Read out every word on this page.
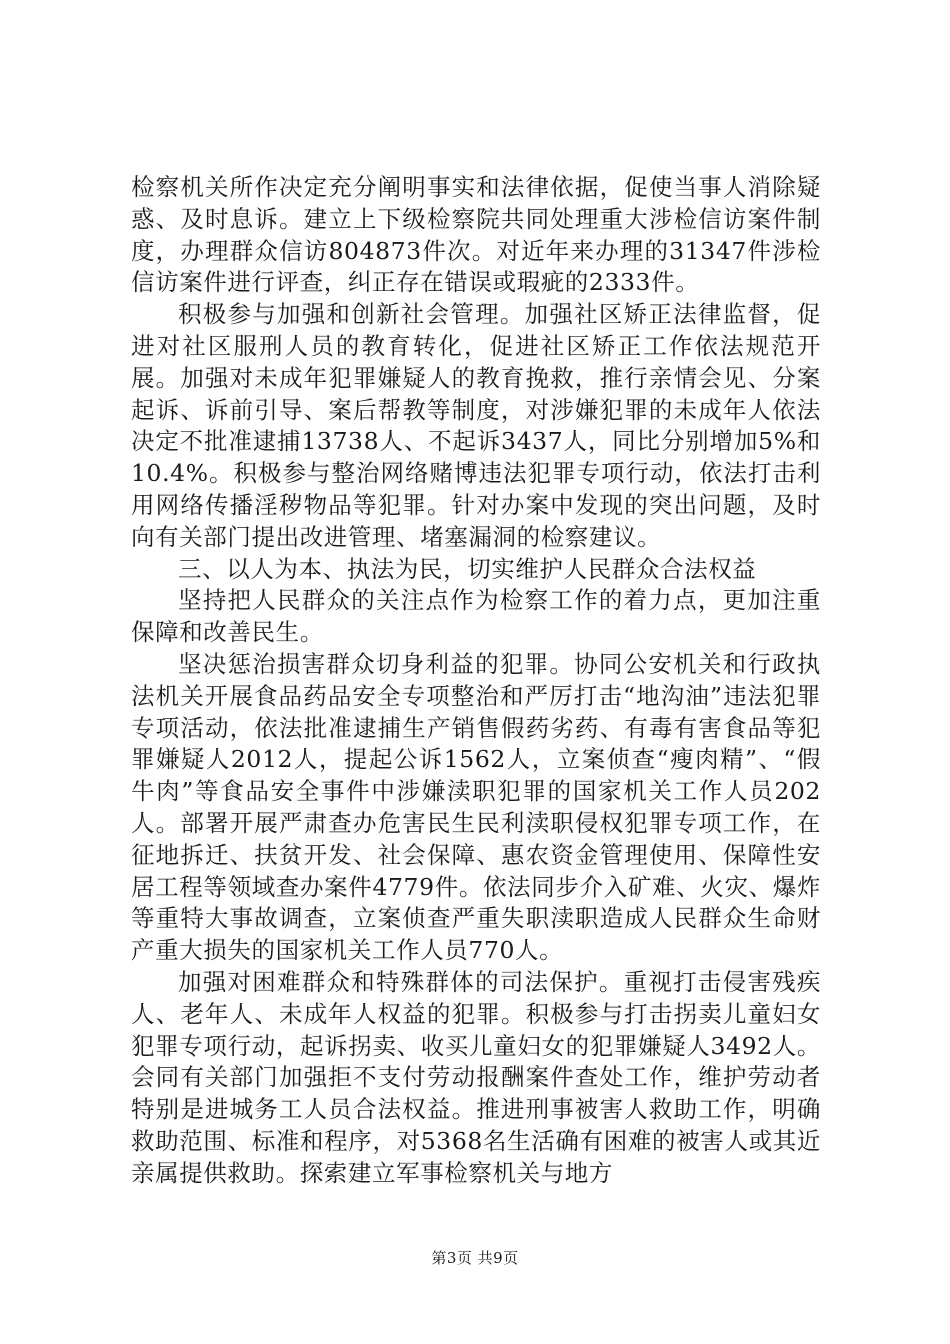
检察机关所作决定充分阐明事实和法律依据，促使当事人消除疑惑、及时息诉。建立上下级检察院共同处理重大涉检信访案件制度，办理群众信访804873件次。对近年来办理的31347件涉检信访案件进行评查，纠正存在错误或瑕疵的2333件。

积极参与加强和创新社会管理。加强社区矫正法律监督，促进对社区服刑人员的教育转化，促进社区矫正工作依法规范开展。加强对未成年犯罪嫌疑人的教育挽救，推行亲情会见、分案起诉、诉前引导、案后帮教等制度，对涉嫌犯罪的未成年人依法决定不批准逮捕13738人、不起诉3437人，同比分别增加5%和10.4%。积极参与整治网络赌博违法犯罪专项行动，依法打击利用网络传播淫秽物品等犯罪。针对办案中发现的突出问题，及时向有关部门提出改进管理、堵塞漏洞的检察建议。

三、以人为本、执法为民，切实维护人民群众合法权益

坚持把人民群众的关注点作为检察工作的着力点，更加注重保障和改善民生。

坚决惩治损害群众切身利益的犯罪。协同公安机关和行政执法机关开展食品药品安全专项整治和严厉打击“地沟油”违法犯罪专项活动，依法批准逮捕生产销售假药劣药、有毒有害食品等犯罪嫌疑人2012人，提起公诉1562人，立案侦查“瘦肉精”、“假牛肉”等食品安全事件中涉嫌渎职犯罪的国家机关工作人员202人。部署开展严肃查办危害民生民利渎职侵权犯罪专项工作，在征地拆迁、扶贫开发、社会保障、惠农资金管理使用、保障性安居工程等领域查办案件4779件。依法同步介入矿难、火灾、爆炸等重特大事故调查，立案侦查严重失职渎职造成人民群众生命财产重大损失的国家机关工作人员770人。

加强对困难群众和特殊群体的司法保护。重视打击侵害残疾人、老年人、未成年人权益的犯罪。积极参与打击拐卖儿童妇女犯罪专项行动，起诉拐卖、收买儿童妇女的犯罪嫌疑人3492人。会同有关部门加强拒不支付劳动报酬案件查处工作，维护劳动者特别是进城务工人员合法权益。推进刑事被害人救助工作，明确救助范围、标准和程序，对5368名生活确有困难的被害人或其近亲属提供救助。探索建立军事检察机关与地方

第3页 共9页
